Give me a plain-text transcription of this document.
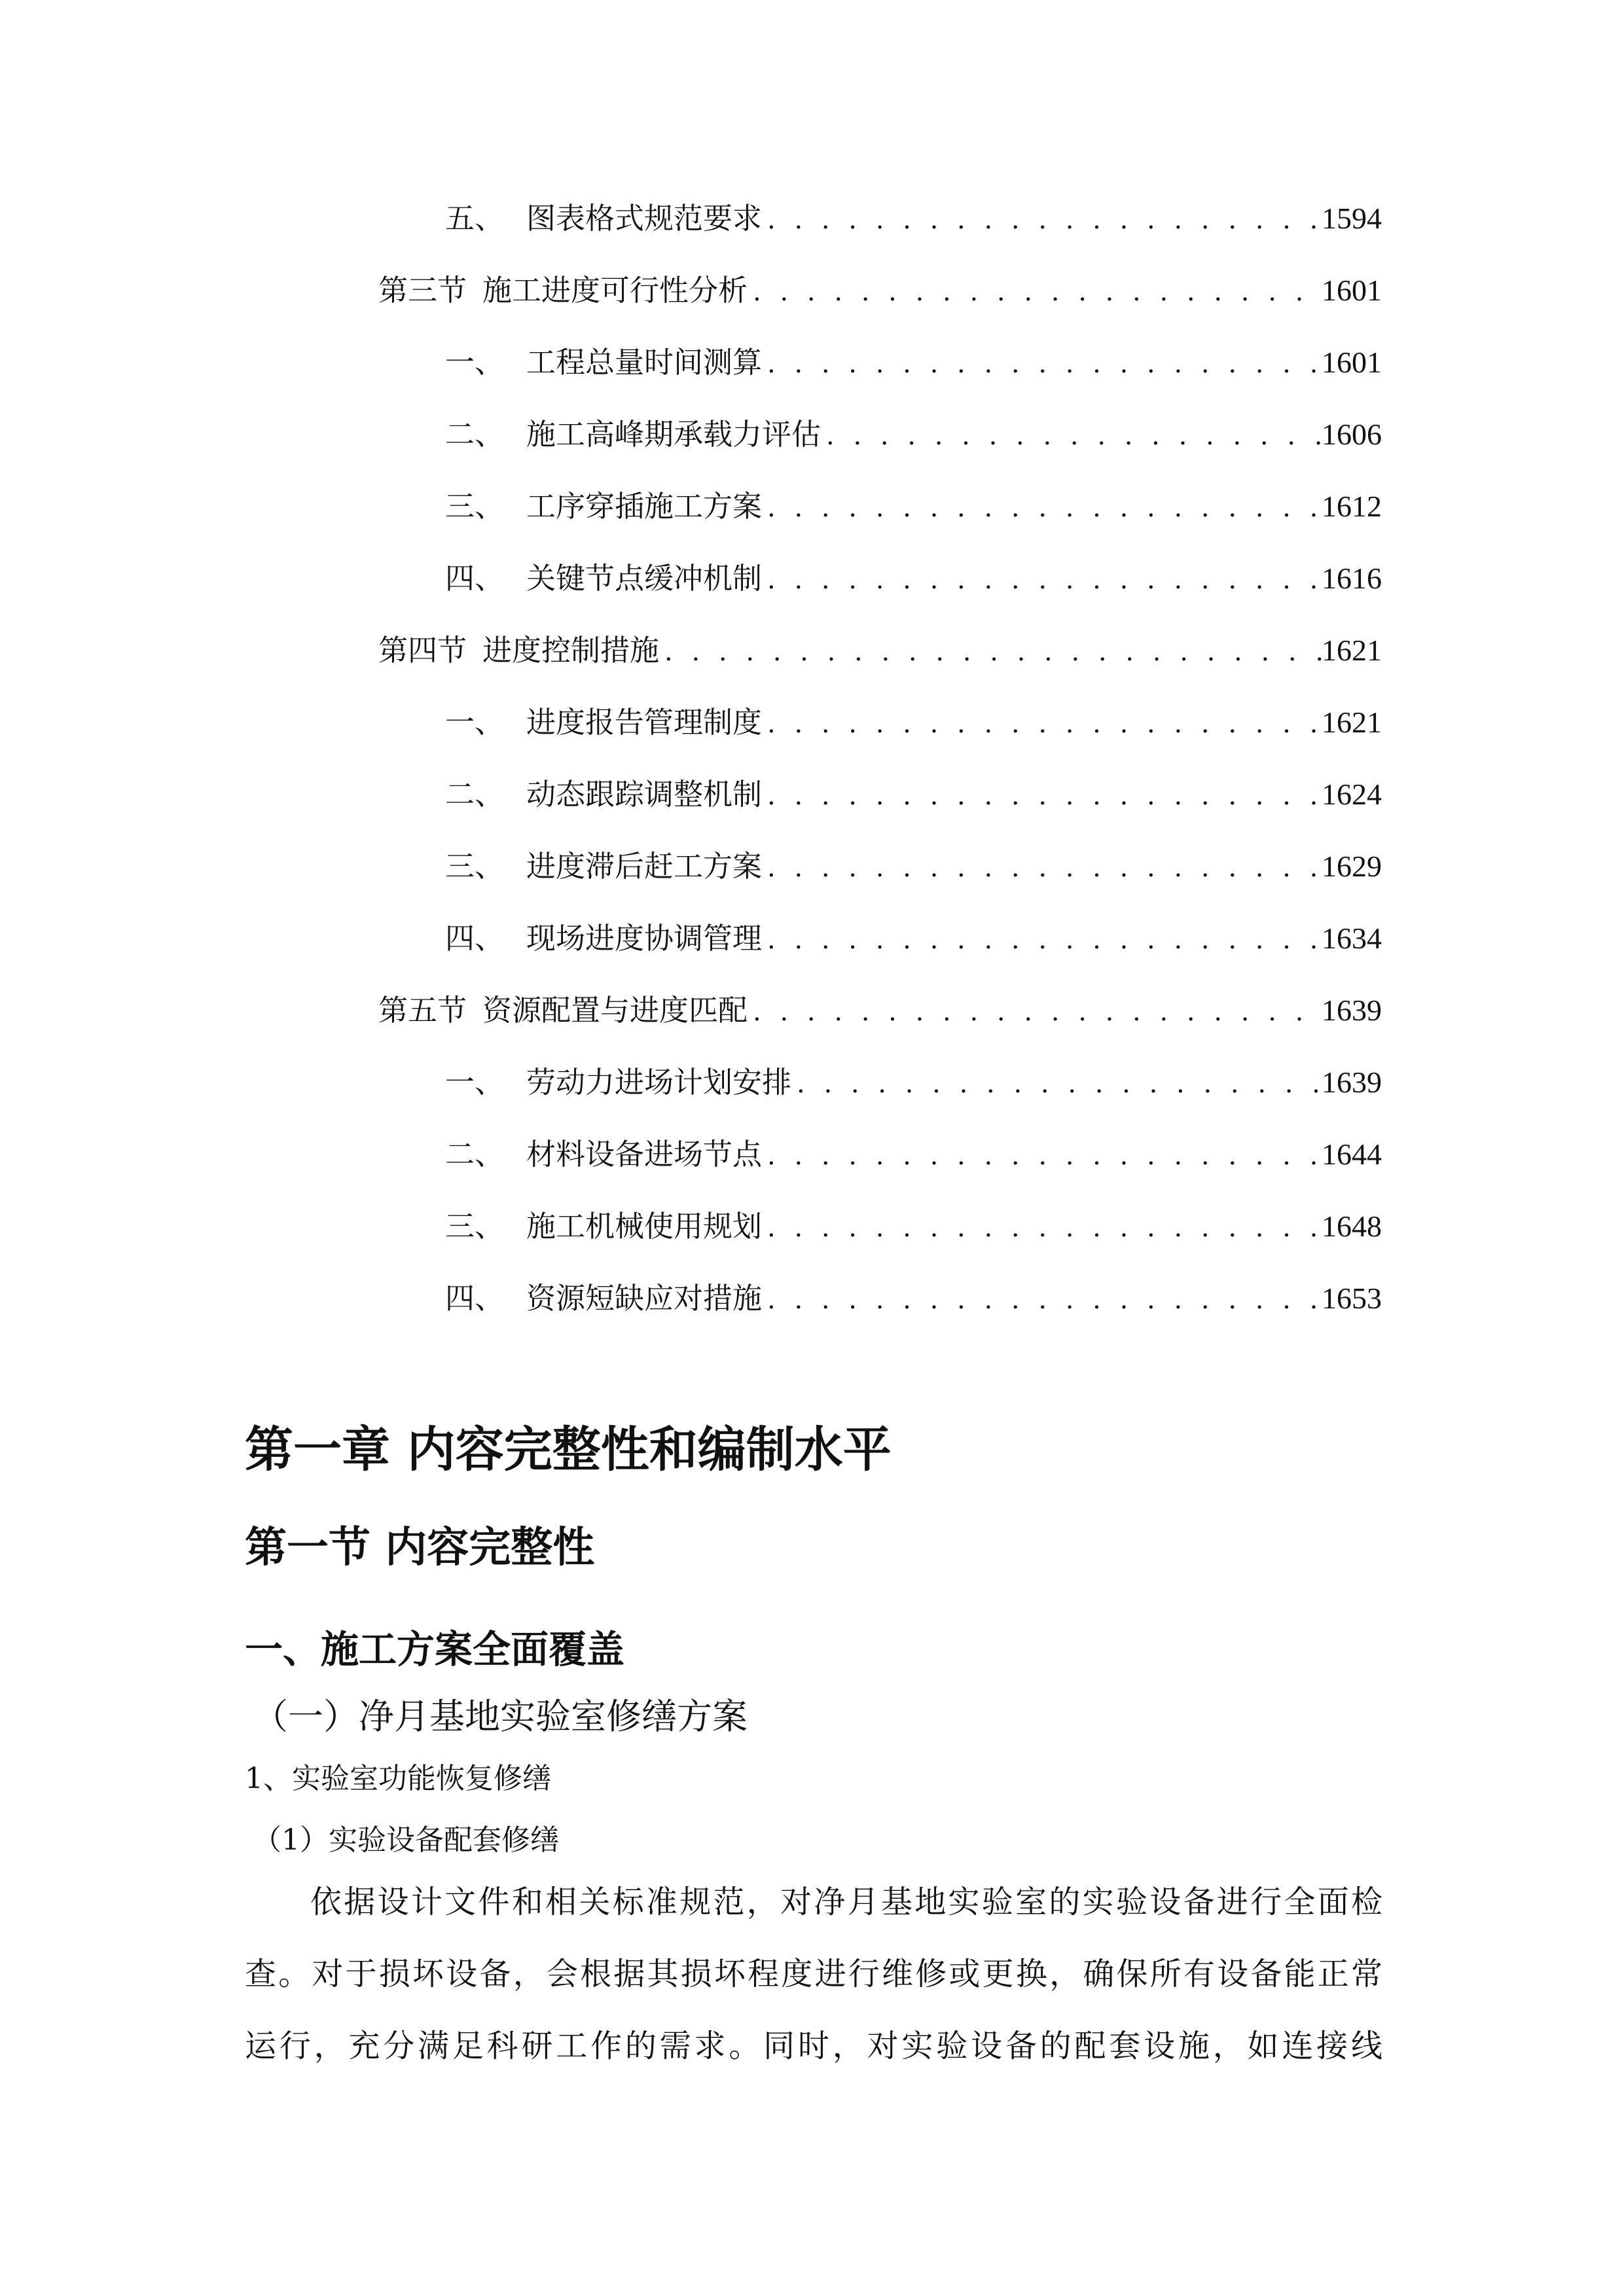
五、 图表格式规范要求 . . .	1594
第三节 施工进度可行性分析 . . .	1601
一、 工程总量时间测算 . . .	1601
二、 施工高峰期承载力评估 . . .	1606
三、 工序穿插施工方案 . . .	1612
四、 关键节点缓冲机制 . . .	1616
第四节 进度控制措施 . . .	1621
一、 进度报告管理制度 . . .	1621
二、 动态跟踪调整机制 . . .	1624
三、 进度滞后赶工方案 . . .	1629
四、 现场进度协调管理 . . .	1634
第五节 资源配置与进度匹配 . . .	1639
一、 劳动力进场计划安排 . . .	1639
二、 材料设备进场节点 . . .	1644
三、 施工机械使用规划 . . .	1648
四、 资源短缺应对措施 . . .	1653
第一章 内容完整性和编制水平
第一节 内容完整性
一、施工方案全面覆盖
（一）净月基地实验室修缮方案
1、实验室功能恢复修缮
（1）实验设备配套修缮
依据设计文件和相关标准规范，对净月基地实验室的实验设备进行全面检
查。对于损坏设备，会根据其损坏程度进行维修或更换，确保所有设备能正常
运行，充分满足科研工作的需求。同时，对实验设备的配套设施，如连接线
